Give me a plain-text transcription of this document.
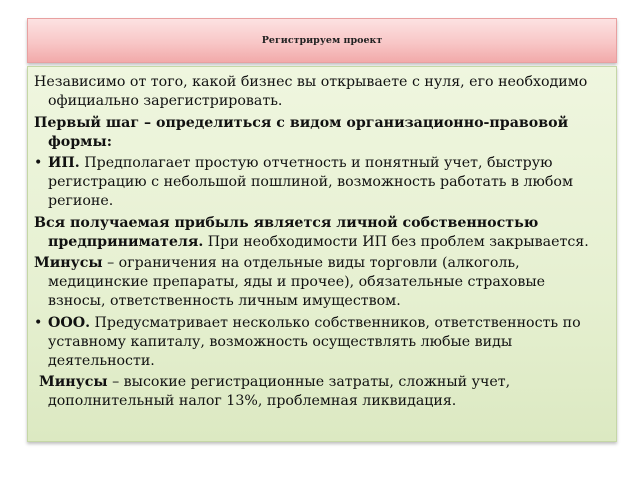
Регистрируем проект

Независимо от того, какой бизнес вы открываете с нуля, его необходимо официально зарегистрировать.

Первый шаг – определиться с видом организационно-правовой формы:

• ИП. Предполагает простую отчетность и понятный учет, быструю регистрацию с небольшой пошлиной, возможность работать в любом регионе.

Вся получаемая прибыль является личной собственностью предпринимателя. При необходимости ИП без проблем закрывается.

Минусы – ограничения на отдельные виды торговли (алкоголь, медицинские препараты, яды и прочее), обязательные страховые взносы, ответственность личным имуществом.

• ООО. Предусматривает несколько собственников, ответственность по уставному капиталу, возможность осуществлять любые виды деятельности.

Минусы – высокие регистрационные затраты, сложный учет, дополнительный налог 13%, проблемная ликвидация.
